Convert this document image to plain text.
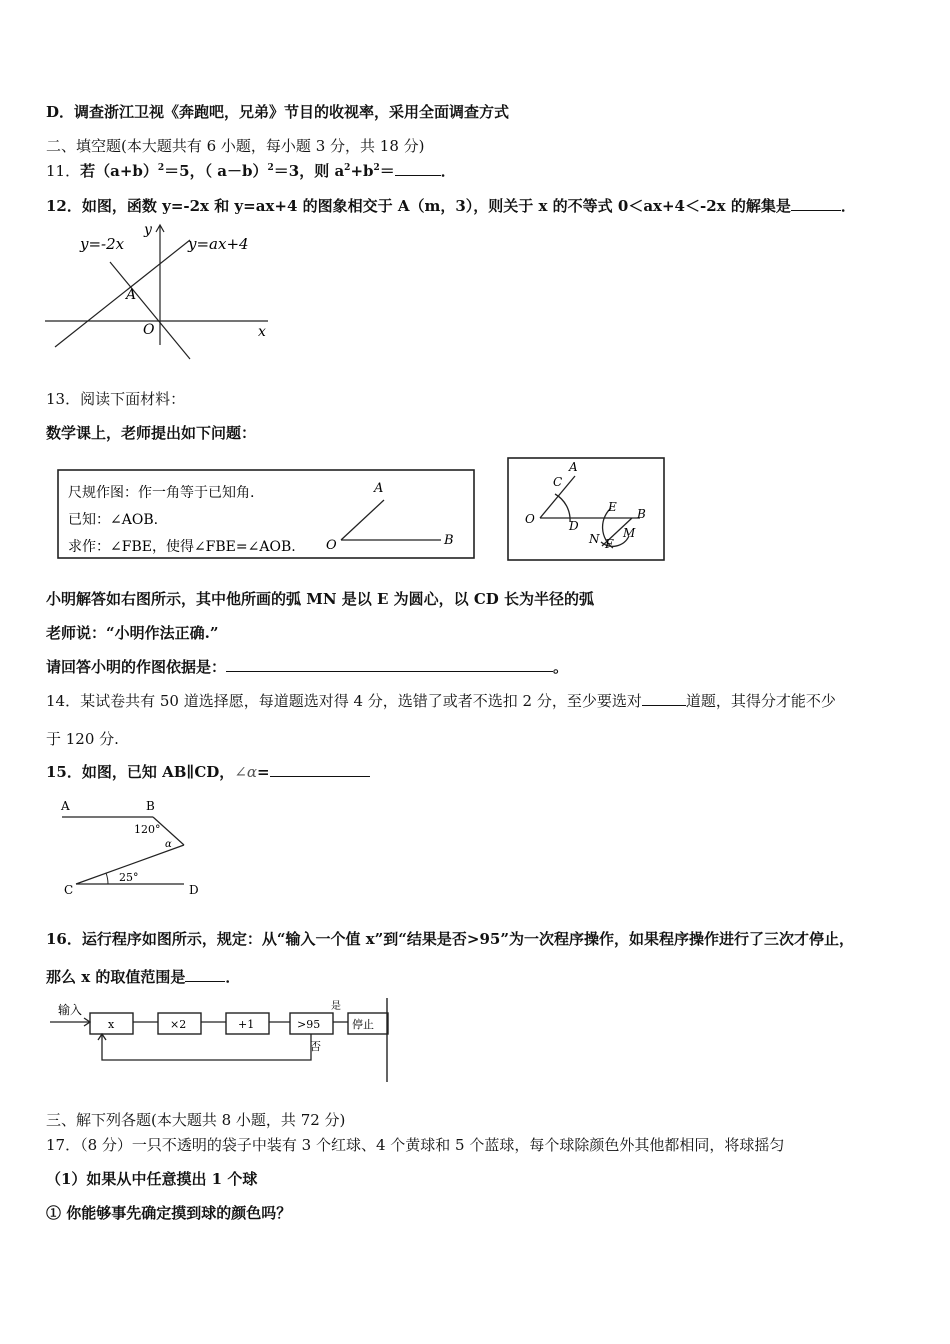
D．调查浙江卫视《奔跑吧，兄弟》节目的收视率，采用全面调查方式
二、填空题(本大题共有 6 小题，每小题 3 分，共 18 分)
11．若$(a+b)^2=5$，（ a－b）$^2$＝3，则 $a^2+b^2=$	．
12．如图，函数 y=-2x 和 y=ax+4 的图象相交于 A（m，3），则关于 x 的不等式 0＜ax+4＜-2x 的解集是	．
y=-2x	y=ax+4
A
O	x
y
13．阅读下面材料：
数学课上，老师提出如下问题：
尺规作图：作一角等于已知角.
已知：∠AOB.
求作：∠FBE，使得∠FBE=∠AOB.
A
O	B
A
C
O	D
E B
N M
F
小明解答如右图所示，其中他所画的弧 MN 是以 E 为圆心，以 CD 长为半径的弧
老师说：“小明作法正确.”
请回答小明的作图依据是：	。
14．某试卷共有 50 道选择愿，每道题选对得 4 分，选错了或者不选扣 2 分，至少要选对	道题，其得分才能不少
于 120 分.
15．如图，已知 AB∥CD，∠α=
A	B
C	D
120°
25°
α
16．运行程序如图所示，规定：从“输入一个值 x”到“结果是否>95”为一次程序操作，如果程序操作进行了三次才停止，
那么 x 的取值范围是	．
输入
x	×2	+1	>95
是
停止
否
三、解下列各题(本大题共 8 小题，共 72 分)
17．（8 分）一只不透明的袋子中装有 3 个红球、4 个黄球和 5 个蓝球，每个球除颜色外其他都相同，将球摇匀
（1）如果从中任意摸出 1 个球
① 你能够事先确定摸到球的颜色吗？
